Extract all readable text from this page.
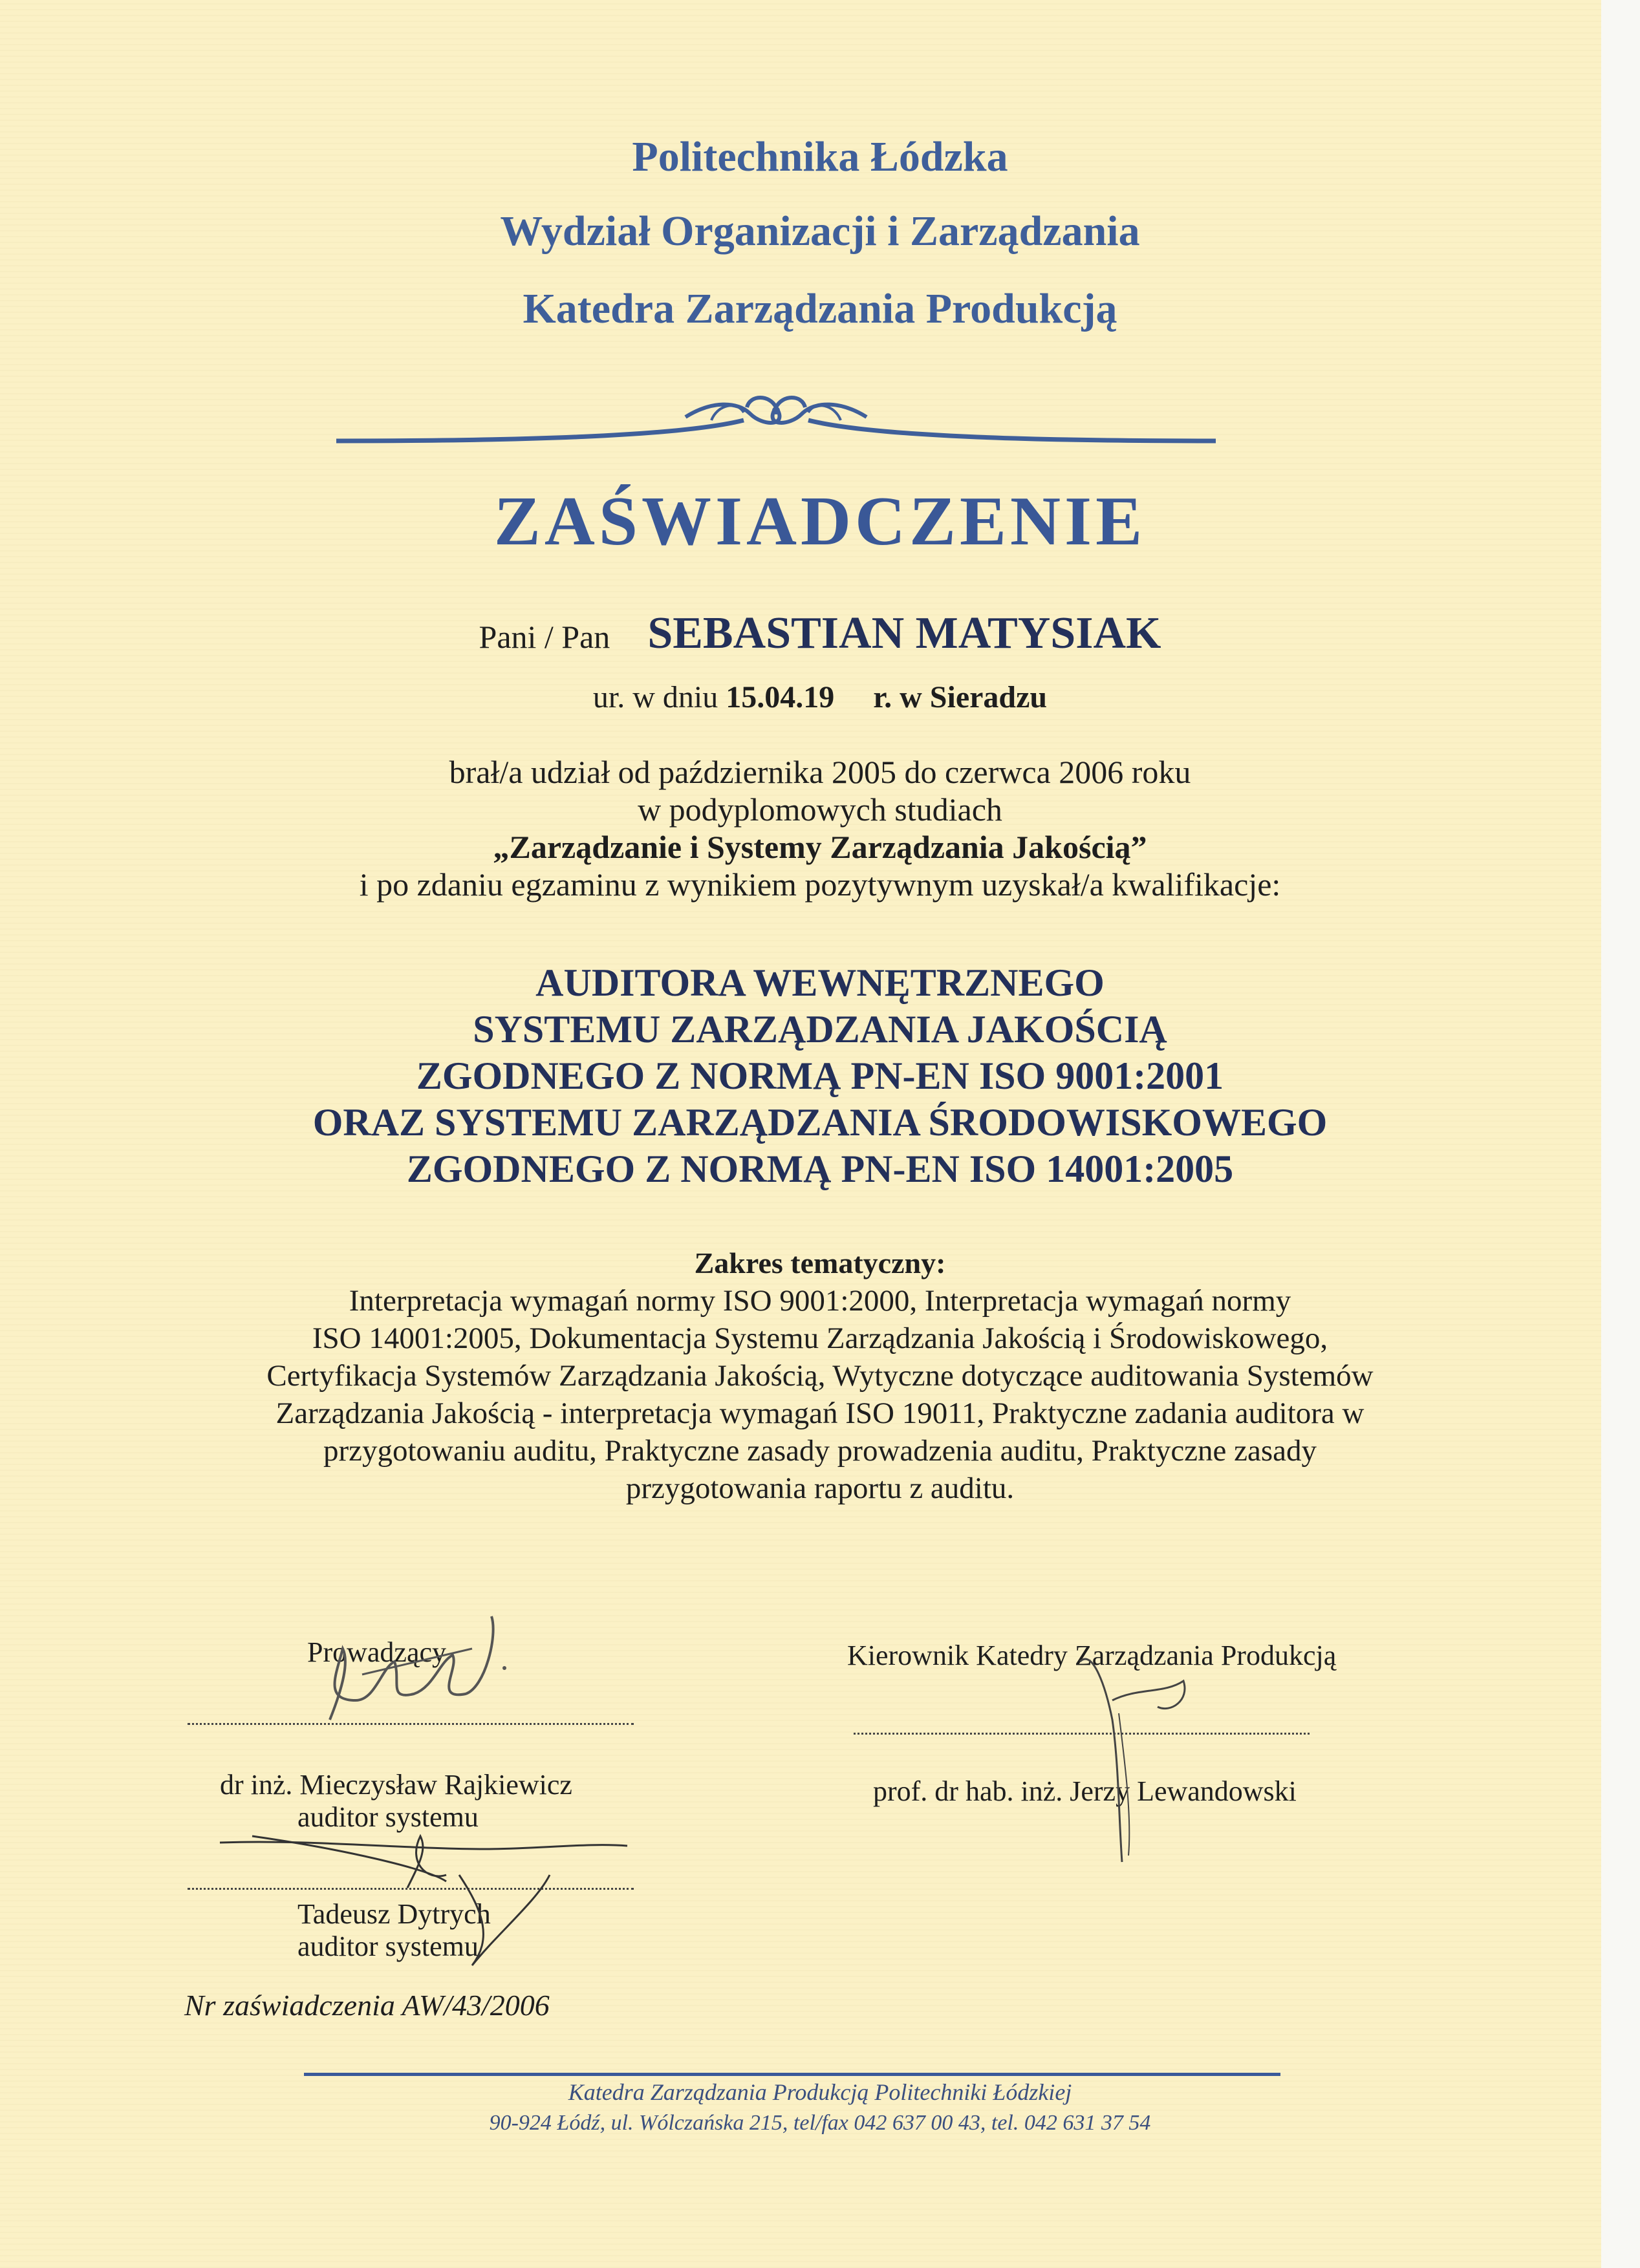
Politechnika Łódzka
Wydział Organizacji i Zarządzania
Katedra Zarządzania Produkcją
ZAŚWIADCZENIE
Pani / Pan SEBASTIAN MATYSIAK
ur. w dniu 15.04.19 r. w Sieradzu
brał/a udział od października 2005 do czerwca 2006 roku
w podyplomowych studiach
„Zarządzanie i Systemy Zarządzania Jakością”
i po zdaniu egzaminu z wynikiem pozytywnym uzyskał/a kwalifikacje:
AUDITORA WEWNĘTRZNEGO
SYSTEMU ZARZĄDZANIA JAKOŚCIĄ
ZGODNEGO Z NORMĄ PN-EN ISO 9001:2001
ORAZ SYSTEMU ZARZĄDZANIA ŚRODOWISKOWEGO
ZGODNEGO Z NORMĄ PN-EN ISO 14001:2005
Zakres tematyczny:
Interpretacja wymagań normy ISO 9001:2000, Interpretacja wymagań normy
ISO 14001:2005, Dokumentacja Systemu Zarządzania Jakością i Środowiskowego,
Certyfikacja Systemów Zarządzania Jakością, Wytyczne dotyczące auditowania Systemów
Zarządzania Jakością - interpretacja wymagań ISO 19011, Praktyczne zadania auditora w
przygotowaniu auditu, Praktyczne zasady prowadzenia auditu, Praktyczne zasady
przygotowania raportu z auditu.
Prowadzący
dr inż. Mieczysław Rajkiewicz
auditor systemu
Tadeusz Dytrych
auditor systemu
Kierownik Katedry Zarządzania Produkcją
prof. dr hab. inż. Jerzy Lewandowski
Nr zaświadczenia AW/43/2006
Katedra Zarządzania Produkcją Politechniki Łódzkiej
90-924 Łódź, ul. Wólczańska 215, tel/fax 042 637 00 43, tel. 042 631 37 54
